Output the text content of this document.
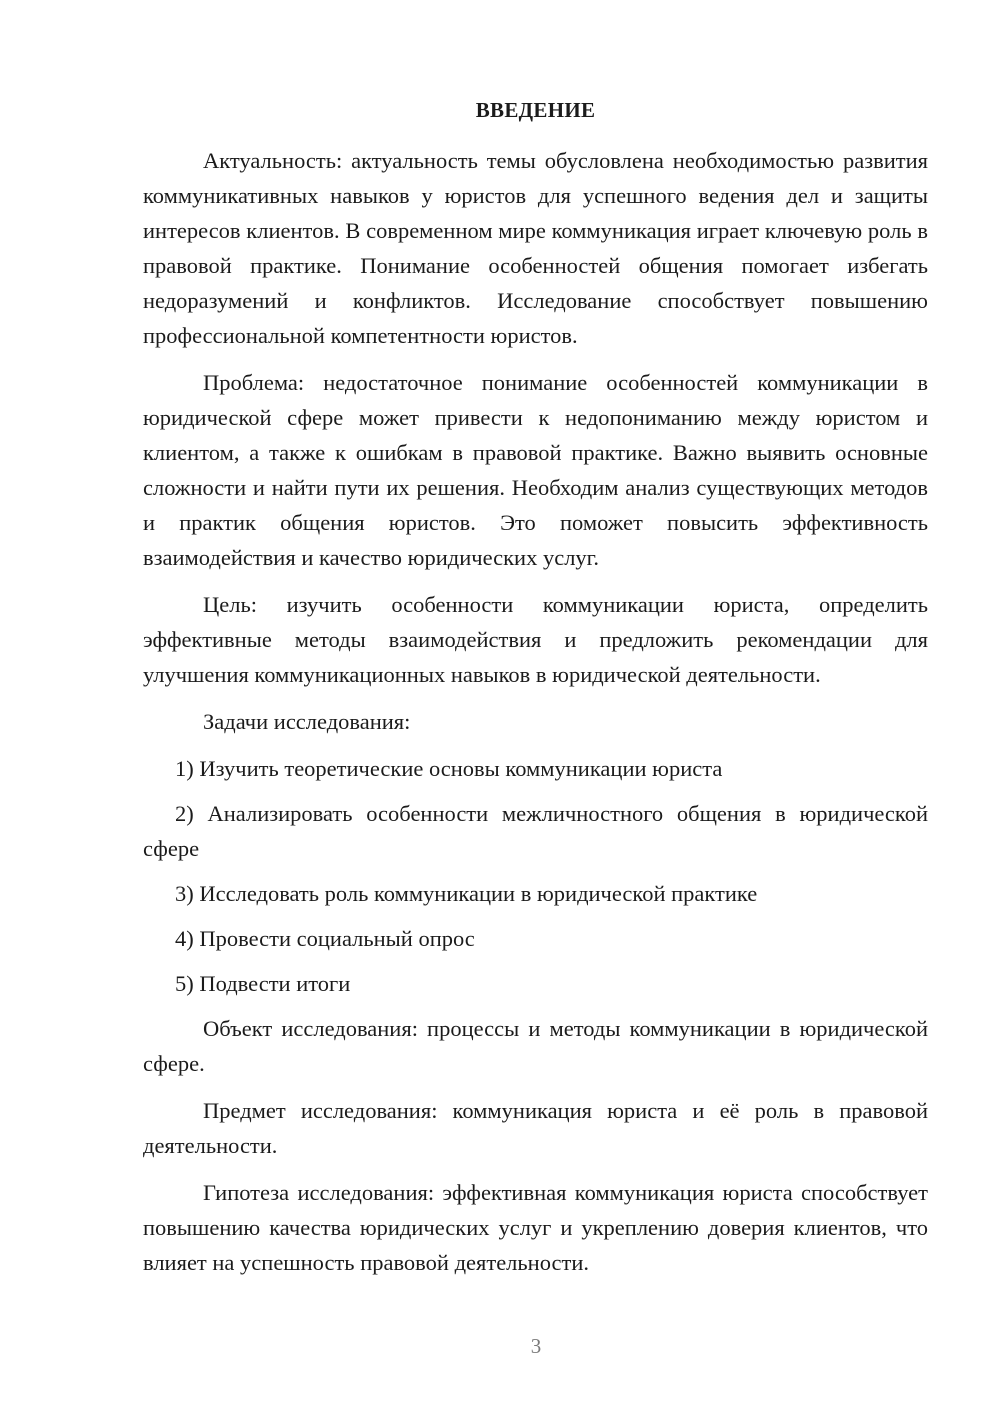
ВВЕДЕНИЕ

Актуальность: актуальность темы обусловлена необходимостью развития коммуникативных навыков у юристов для успешного ведения дел и защиты интересов клиентов. В современном мире коммуникация играет ключевую роль в правовой практике. Понимание особенностей общения помогает избегать недоразумений и конфликтов. Исследование способствует повышению профессиональной компетентности юристов.

Проблема: недостаточное понимание особенностей коммуникации в юридической сфере может привести к недопониманию между юристом и клиентом, а также к ошибкам в правовой практике. Важно выявить основные сложности и найти пути их решения. Необходим анализ существующих методов и практик общения юристов. Это поможет повысить эффективность взаимодействия и качество юридических услуг.

Цель: изучить особенности коммуникации юриста, определить эффективные методы взаимодействия и предложить рекомендации для улучшения коммуникационных навыков в юридической деятельности.

Задачи исследования:

1) Изучить теоретические основы коммуникации юриста

2) Анализировать особенности межличностного общения в юридической сфере

3) Исследовать роль коммуникации в юридической практике

4) Провести социальный опрос

5) Подвести итоги

Объект исследования: процессы и методы коммуникации в юридической сфере.

Предмет исследования: коммуникация юриста и её роль в правовой деятельности.

Гипотеза исследования: эффективная коммуникация юриста способствует повышению качества юридических услуг и укреплению доверия клиентов, что влияет на успешность правовой деятельности.

3
